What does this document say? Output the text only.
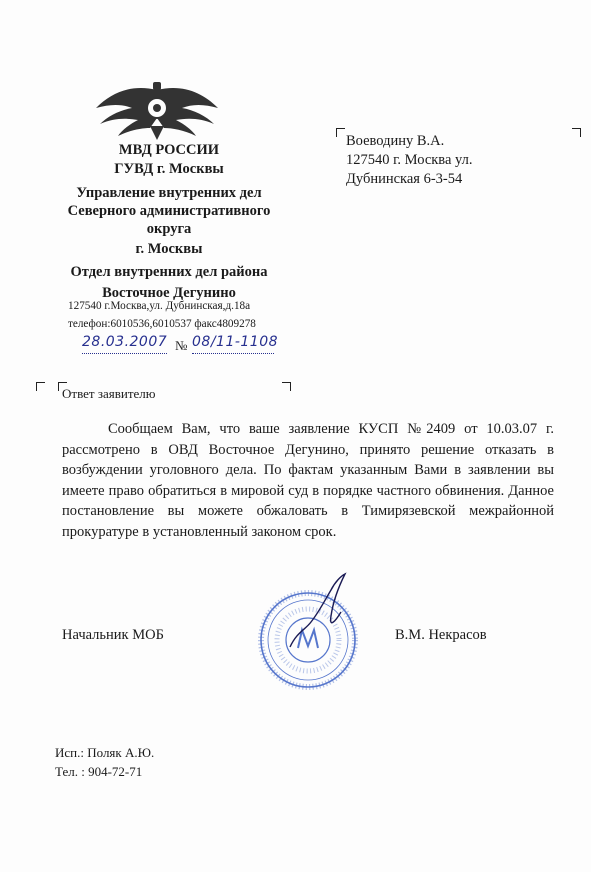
МВД РОССИИ
ГУВД г. Москвы
Управление внутренних дел
Северного административного
округа
г. Москвы
Отдел внутренних дел района
Восточное Дегунино
127540 г.Москва,ул. Дубнинская,д.18а
телефон:6010536,6010537 факс4809278
28.03.2007 № 08/11-1108
Воеводину В.А.
127540 г. Москва ул.
Дубнинская 6-3-54
Ответ заявителю

Сообщаем Вам, что ваше заявление КУСП №2409 от 10.03.07 г. рассмотрено в ОВД Восточное Дегунино, принято решение отказать в возбуждении уголовного дела. По фактам указанным Вами в заявлении вы имеете право обратиться в мировой суд в порядке частного обвинения. Данное постановление вы можете обжаловать в Тимирязевской межрайонной прокуратуре в установленный законом срок.

Начальник МОБ	В.М. Некрасов
Исп.: Поляк А.Ю.
Тел. : 904-72-71
